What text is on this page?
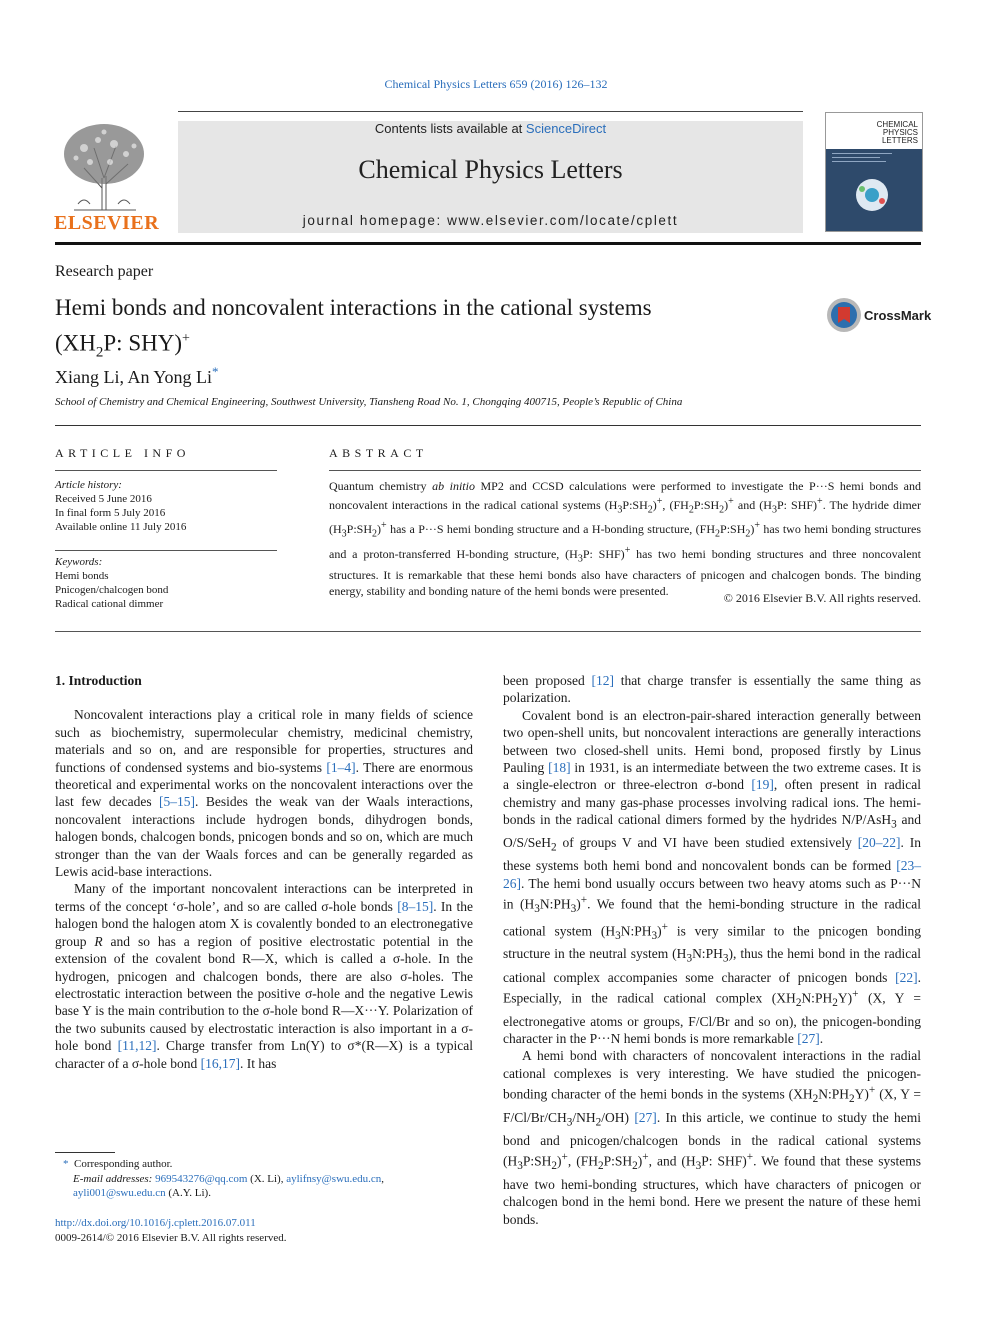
Chemical Physics Letters 659 (2016) 126–132
ELSEVIER
Contents lists available at ScienceDirect
Chemical Physics Letters
journal homepage: www.elsevier.com/locate/cplett
CHEMICAL
PHYSICS
LETTERS
Research paper
Hemi bonds and noncovalent interactions in the cational systems
($XH_2P$: SHY)+
CrossMark
Xiang Li, An Yong Li*
School of Chemistry and Chemical Engineering, Southwest University, Tiansheng Road No. 1, Chongqing 400715, People’s Republic of China
ARTICLE INFO	ABSTRACT
Article history:
Received 5 June 2016
In final form 5 July 2016
Available online 11 July 2016
Keywords:
Hemi bonds
Pnicogen/chalcogen bond
Radical cational dimmer
Quantum chemistry ab initio MP2 and CCSD calculations were performed to investigate the P···S hemi bonds and noncovalent interactions in the radical cational systems $(H_3P:SH_2)^+$, $(FH_2P:SH_2)^+$ and ($H_3P$: SHF)+. The hydride dimer $(H_3P:SH_2)^+$ has a P···S hemi bonding structure and a H-bonding structure, $(FH_2P:SH_2)^+$ has two hemi bonding structures and a proton-transferred H-bonding structure, ($H_3P$: SHF)+ has two hemi bonding structures and three noncovalent structures. It is remarkable that these hemi bonds also have characters of pnicogen and chalcogen bonds. The binding energy, stability and bonding nature of the hemi bonds were presented.	© 2016 Elsevier B.V. All rights reserved.
1. Introduction

Noncovalent interactions play a critical role in many fields of science such as biochemistry, supermolecular chemistry, medicinal chemistry, materials and so on, and are responsible for properties, structures and functions of condensed systems and bio-systems [1–4]. There are enormous theoretical and experimental works on the noncovalent interactions over the last few decades [5–15]. Besides the weak van der Waals interactions, noncovalent interactions include hydrogen bonds, dihydrogen bonds, halogen bonds, chalcogen bonds, pnicogen bonds and so on, which are much stronger than the van der Waals forces and can be generally regarded as Lewis acid-base interactions.

Many of the important noncovalent interactions can be interpreted in terms of the concept ‘σ-hole’, and so are called σ-hole bonds [8–15]. In the halogen bond the halogen atom X is covalently bonded to an electronegative group R and so has a region of positive electrostatic potential in the extension of the covalent bond R—X, which is called a σ-hole. In the hydrogen, pnicogen and chalcogen bonds, there are also σ-holes. The electrostatic interaction between the positive σ-hole and the negative Lewis base Y is the main contribution to the σ-hole bond R—X···Y. Polarization of the two subunits caused by electrostatic interaction is also important in a σ-hole bond [11,12]. Charge transfer from Ln(Y) to σ*(R—X) is a typical character of a σ-hole bond [16,17]. It has

been proposed [12] that charge transfer is essentially the same thing as polarization.

Covalent bond is an electron-pair-shared interaction generally between two open-shell units, but noncovalent interactions are generally interactions between two closed-shell units. Hemi bond, proposed firstly by Linus Pauling [18] in 1931, is an intermediate between the two extreme cases. It is a single-electron or three-electron σ-bond [19], often present in radical chemistry and many gas-phase processes involving radical ions. The hemi-bonds in the radical cational dimers formed by the hydrides N/P/AsH$_3$ and O/S/SeH$_2$ of groups V and VI have been studied extensively [20–22]. In these systems both hemi bond and noncovalent bonds can be formed [23–26]. The hemi bond usually occurs between two heavy atoms such as P···N in $(H_3N:PH_3)^+$. We found that the hemi-bonding structure in the radical cational system $(H_3N:PH_3)^+$ is very similar to the pnicogen bonding structure in the neutral system $(H_3N:PH_3)$, thus the hemi bond in the radical cational complex accompanies some character of pnicogen bonds [22]. Especially, in the radical cational complex $(XH_2N:PH_2Y)^+$ (X, Y = electronegative atoms or groups, F/Cl/Br and so on), the pnicogen-bonding character in the P···N hemi bonds is more remarkable [27].

A hemi bond with characters of noncovalent interactions in the radial cational complexes is very interesting. We have studied the pnicogen-bonding character of the hemi bonds in the systems $(XH_2N:PH_2Y)^+$ (X, $Y = F/Cl/Br/CH_3/NH_2/OH$) [27]. In this article, we continue to study the hemi bond and pnicogen/chalcogen bonds in the radical cational systems $(H_3P:SH_2)^+$, $(FH_2P:SH_2)^+$, and ($H_3P$: SHF)+. We found that these systems have two hemi-bonding structures, which have characters of pnicogen or chalcogen bond in the hemi bond. Here we present the nature of these hemi bonds.

* Corresponding author.
E-mail addresses: 969543276@qq.com (X. Li), aylifnsy@swu.edu.cn, ayli001@swu.edu.cn (A.Y. Li).
http://dx.doi.org/10.1016/j.cplett.2016.07.011
0009-2614/© 2016 Elsevier B.V. All rights reserved.
